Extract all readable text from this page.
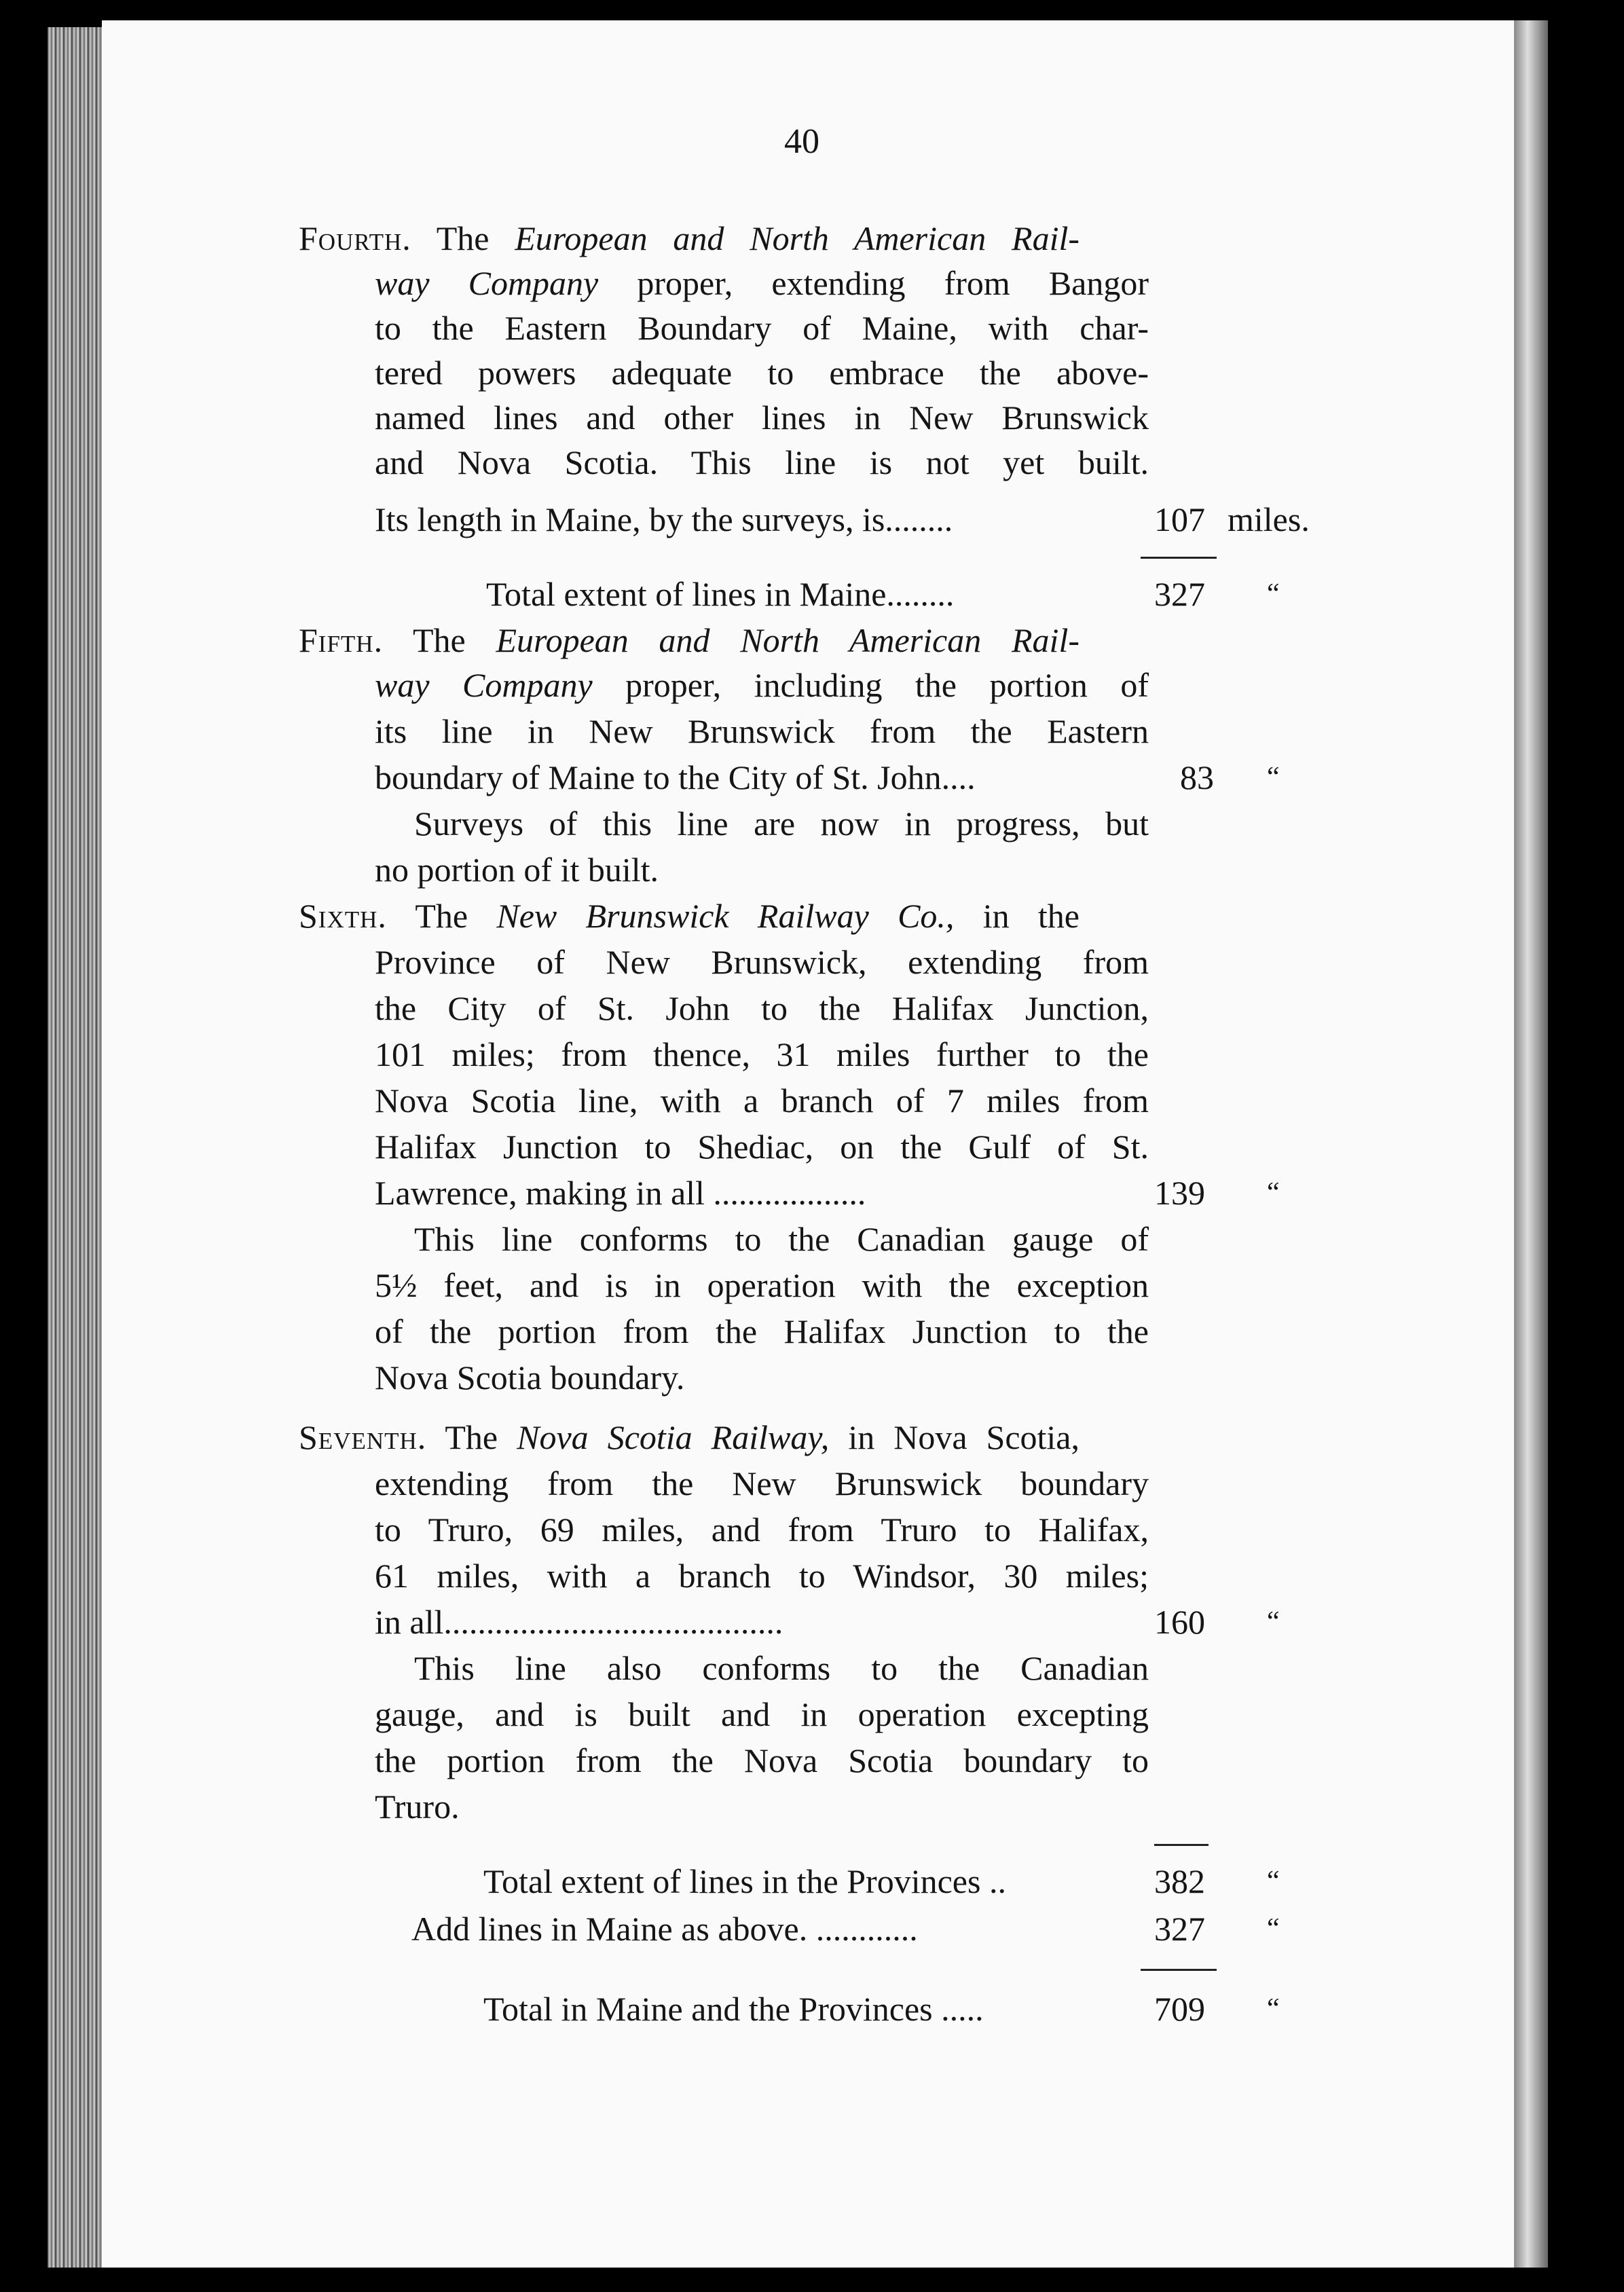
40

Fourth. The European and North American Rail-

way Company proper, extending from Bangor

to the Eastern Boundary of Maine, with char-

tered powers adequate to embrace the above-

named lines and other lines in New Brunswick

and Nova Scotia. This line is not yet built.

Its length in Maine, by the surveys, is........	107 miles.

Total extent of lines in Maine........	327 “

Fifth. The European and North American Rail-

way Company proper, including the portion of

its line in New Brunswick from the Eastern

boundary of Maine to the City of St. John....	83 “

Surveys of this line are now in progress, but

no portion of it built.

Sixth. The New Brunswick Railway Co., in the

Province of New Brunswick, extending from

the City of St. John to the Halifax Junction,

101 miles; from thence, 31 miles further to the

Nova Scotia line, with a branch of 7 miles from

Halifax Junction to Shediac, on the Gulf of St.

Lawrence, making in all ..................	139 “

This line conforms to the Canadian gauge of

5½ feet, and is in operation with the exception

of the portion from the Halifax Junction to the

Nova Scotia boundary.

Seventh. The Nova Scotia Railway, in Nova Scotia,

extending from the New Brunswick boundary

to Truro, 69 miles, and from Truro to Halifax,

61 miles, with a branch to Windsor, 30 miles;

in all........................................	160 “

This line also conforms to the Canadian

gauge, and is built and in operation excepting

the portion from the Nova Scotia boundary to

Truro.

Total extent of lines in the Provinces ..	382 “

Add lines in Maine as above. ............	327 “

Total in Maine and the Provinces .....	709 “
